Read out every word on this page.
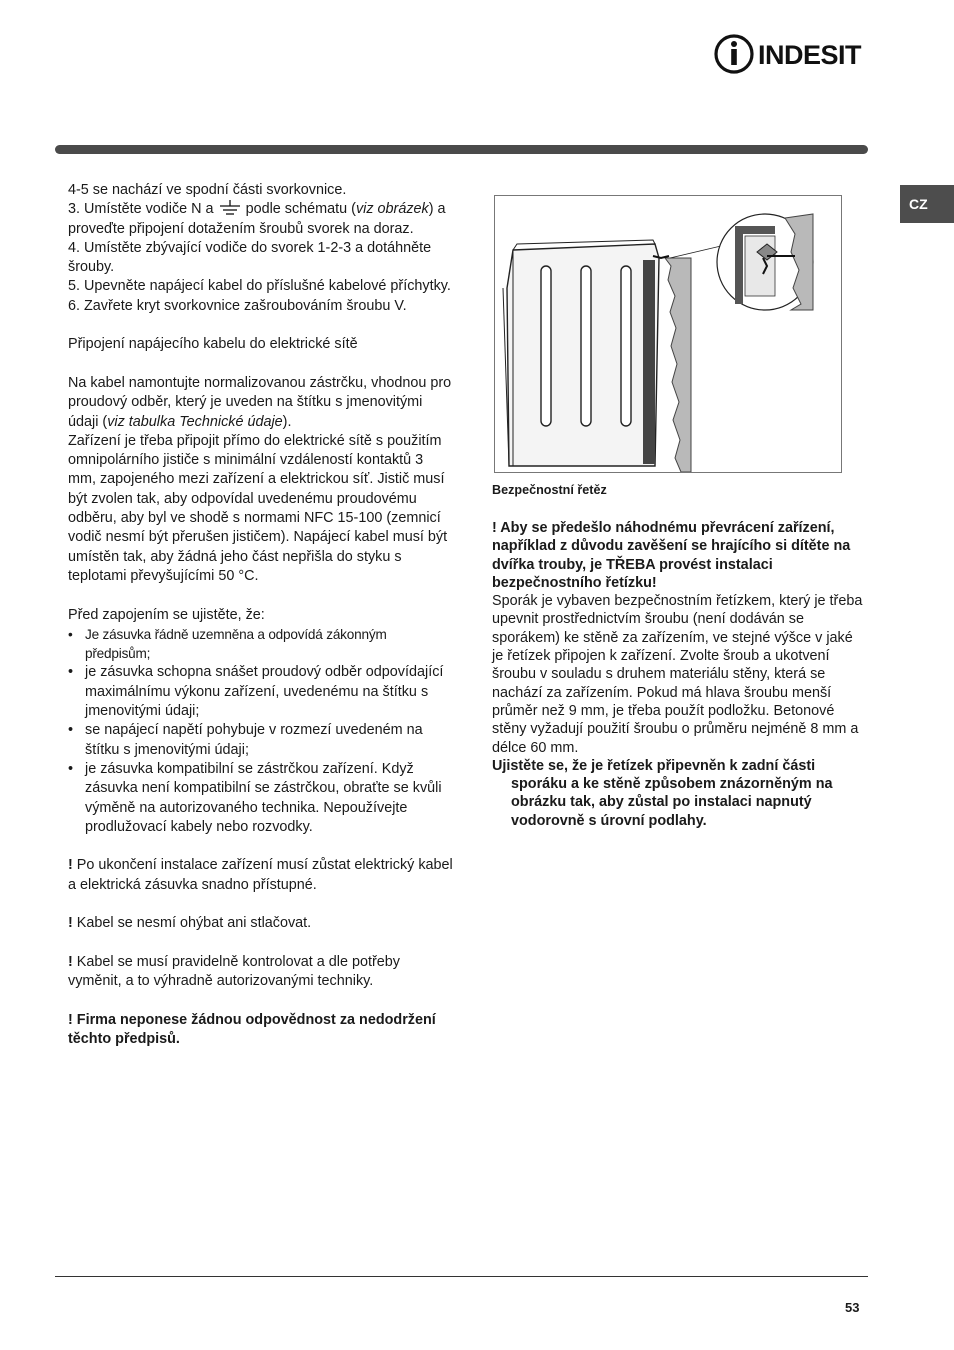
INDESIT
CZ

4-5 se nachází ve spodní části svorkovnice.

3. Umístěte vodiče N a podle schématu (viz obrázek) a proveďte připojení dotažením šroubů svorek na doraz.

4. Umístěte zbývající vodiče do svorek 1-2-3 a dotáhněte šrouby.

5. Upevněte napájecí kabel do příslušné kabelové příchytky.

6. Zavřete kryt svorkovnice zašroubováním šroubu V.

Připojení napájecího kabelu do elektrické sítě

Na kabel namontujte normalizovanou zástrčku, vhodnou pro proudový odběr, který je uveden na štítku s jmenovitými údaji (viz tabulka Technické údaje).

Zařízení je třeba připojit přímo do elektrické sítě s použitím omnipolárního jističe s minimální vzdáleností kontaktů 3 mm, zapojeného mezi zařízení a elektrickou síť. Jistič musí být zvolen tak, aby odpovídal uvedenému proudovému odběru, aby byl ve shodě s normami NFC 15-100 (zemnicí vodič nesmí být přerušen jističem). Napájecí kabel musí být umístěn tak, aby žádná jeho část nepřišla do styku s teplotami převyšujícími 50 °C.

Před zapojením se ujistěte, že:

• Je zásuvka řádně uzemněna a odpovídá zákonným předpisům;
• je zásuvka schopna snášet proudový odběr odpovídající maximálnímu výkonu zařízení, uvedenému na štítku s jmenovitými údaji;
• se napájecí napětí pohybuje v rozmezí uvedeném na štítku s jmenovitými údaji;
• je zásuvka kompatibilní se zástrčkou zařízení. Když zásuvka není kompatibilní se zástrčkou, obraťte se kvůli výměně na autorizovaného technika. Nepoužívejte prodlužovací kabely nebo rozvodky.

! Po ukončení instalace zařízení musí zůstat elektrický kabel a elektrická zásuvka snadno přístupné.

! Kabel se nesmí ohýbat ani stlačovat.

! Kabel se musí pravidelně kontrolovat a dle potřeby vyměnit, a to výhradně autorizovanými techniky.

! Firma neponese žádnou odpovědnost za nedodržení těchto předpisů.

Bezpečnostní řetěz

! Aby se předešlo náhodnému převrácení zařízení, například z důvodu zavěšení se hrajícího si dítěte na dvířka trouby, je TŘEBA provést instalaci bezpečnostního řetízku!

Sporák je vybaven bezpečnostním řetízkem, který je třeba upevnit prostřednictvím šroubu (není dodáván se sporákem) ke stěně za zařízením, ve stejné výšce v jaké je řetízek připojen k zařízení. Zvolte šroub a ukotvení šroubu v souladu s druhem materiálu stěny, která se nachází za zařízením. Pokud má hlava šroubu menší průměr než 9 mm, je třeba použít podložku. Betonové stěny vyžadují použití šroubu o průměru nejméně 8 mm a délce 60 mm.

Ujistěte se, že je řetízek připevněn k zadní části

sporáku a ke stěně způsobem znázorněným na obrázku tak, aby zůstal po instalaci napnutý vodorovně s úrovní podlahy.

53
